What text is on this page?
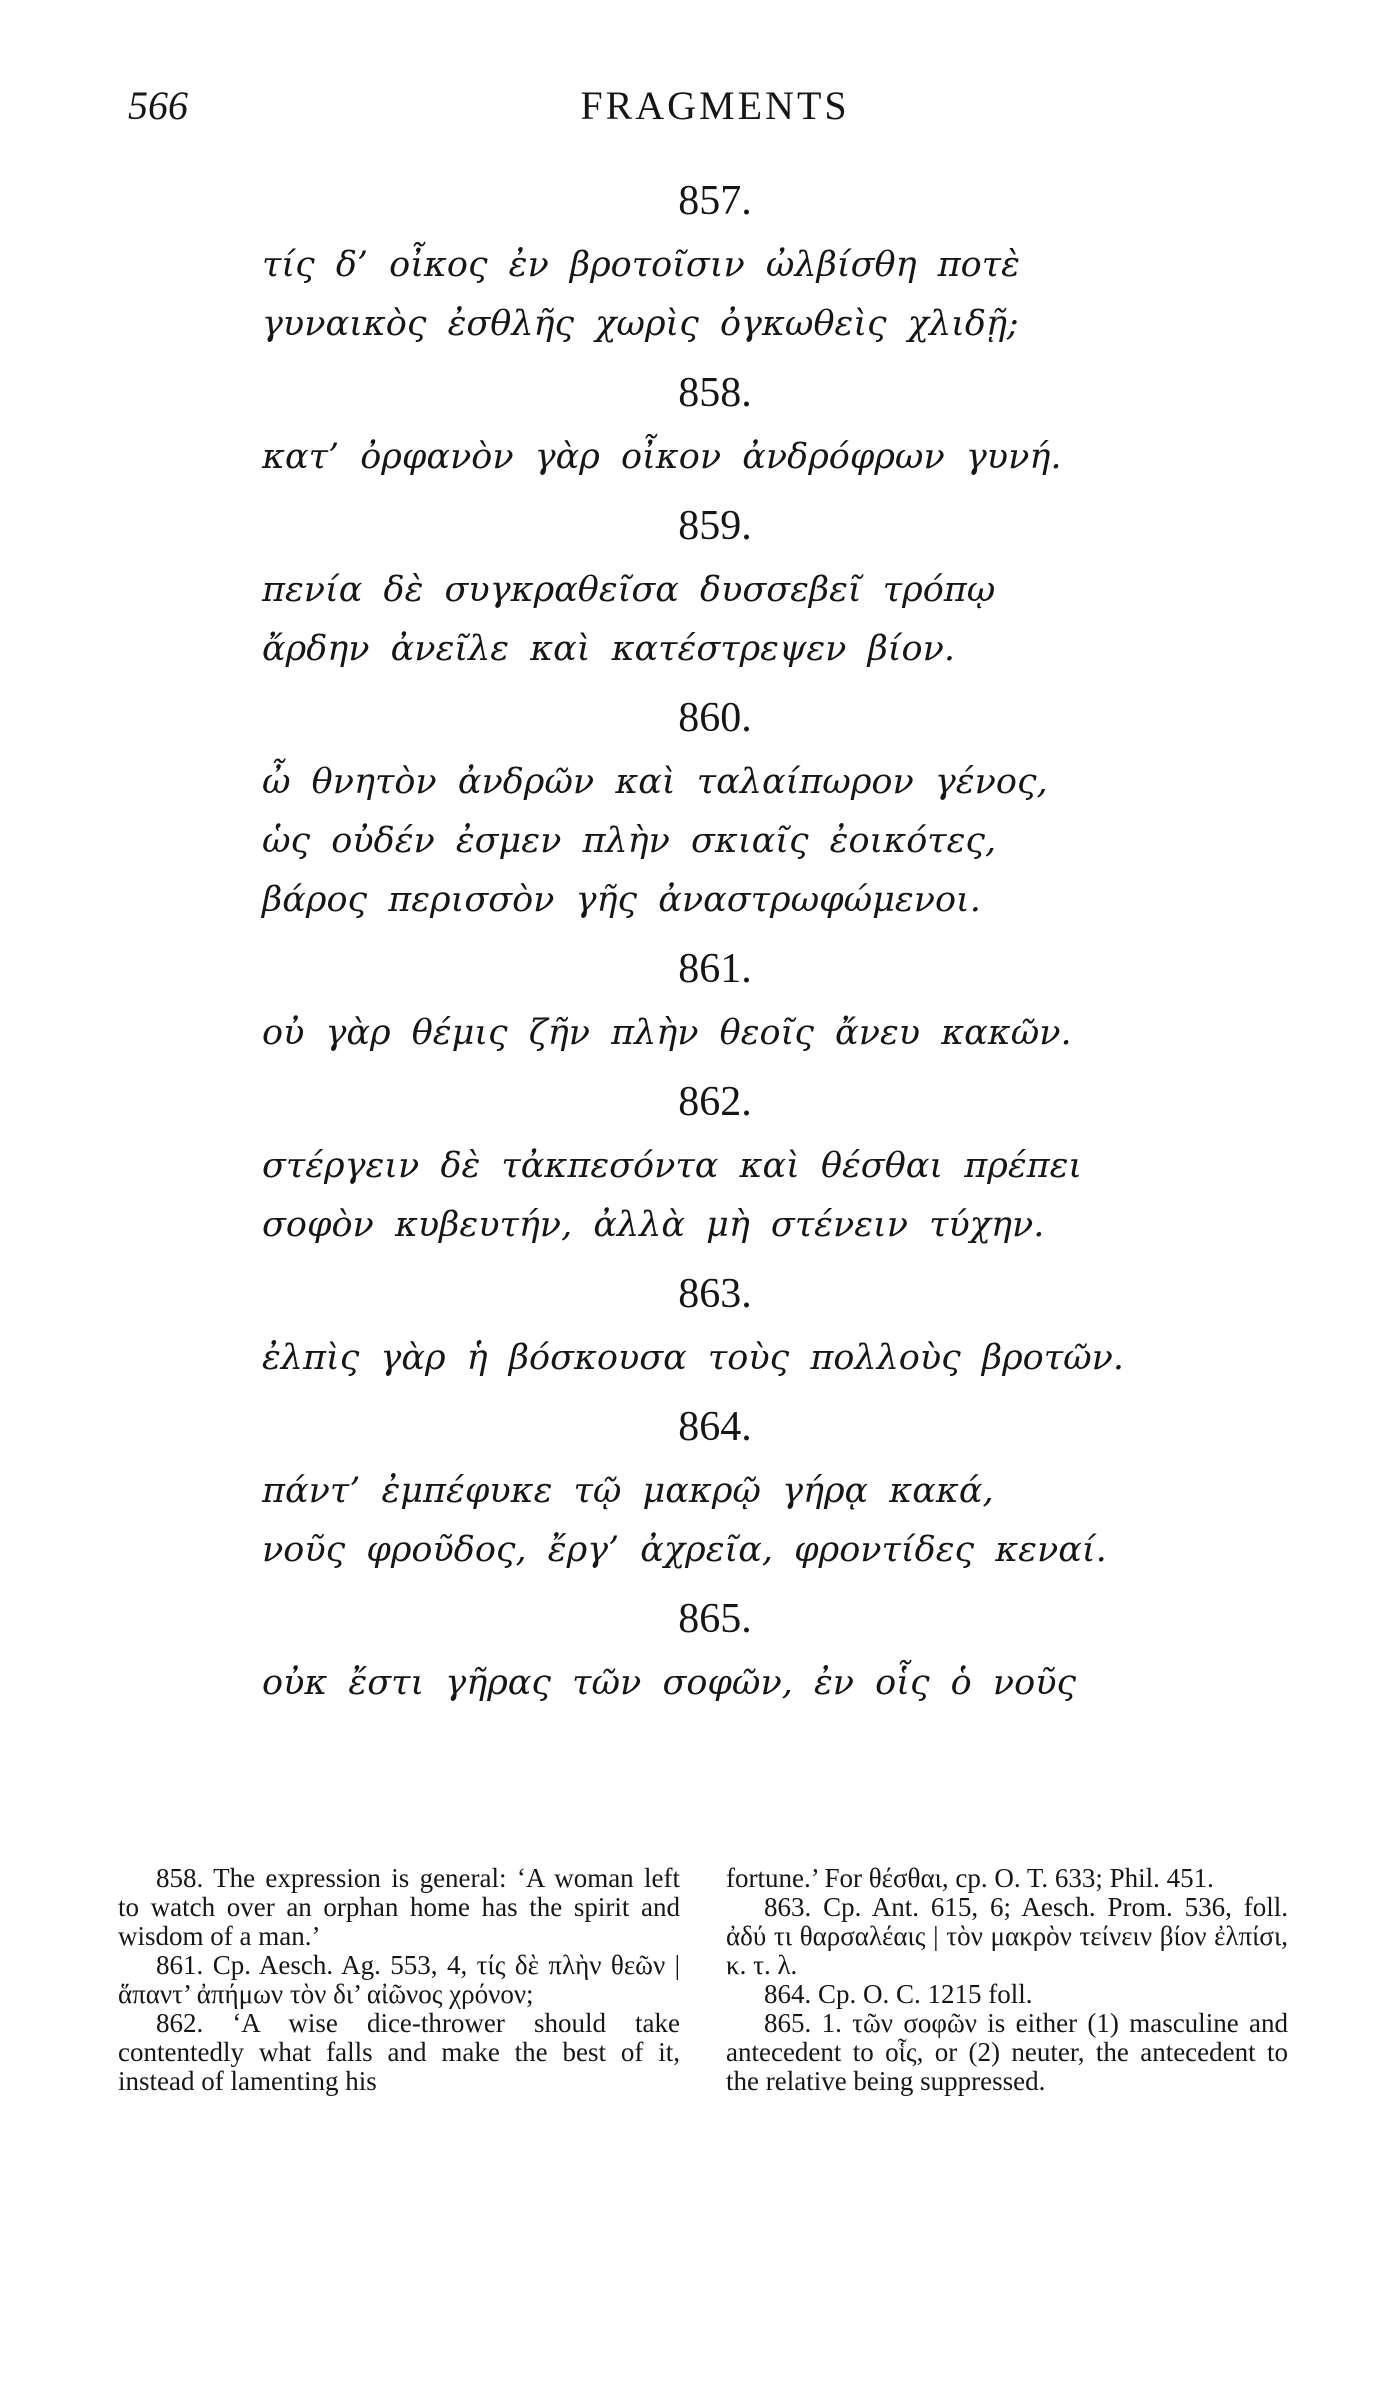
566	FRAGMENTS
857.
τίς δ’ οἶκος ἐν βροτοῖσιν ὠλβίσθη ποτὲ
γυναικὸς ἐσθλῆς χωρὶς ὀγκωθεὶς χλιδῇ;
858.
κατ’ ὀρφανὸν γὰρ οἶκον ἀνδρόφρων γυνή.
859.
πενία δὲ συγκραθεῖσα δυσσεβεῖ τρόπῳ
ἄρδην ἀνεῖλε καὶ κατέστρεψεν βίον.
860.
ὦ θνητὸν ἀνδρῶν καὶ ταλαίπωρον γένος,
ὡς οὐδέν ἐσμεν πλὴν σκιαῖς ἐοικότες,
βάρος περισσὸν γῆς ἀναστρωφώμενοι.
861.
οὐ γὰρ θέμις ζῆν πλὴν θεοῖς ἄνευ κακῶν.
862.
στέργειν δὲ τἀκπεσόντα καὶ θέσθαι πρέπει
σοφὸν κυβευτήν, ἀλλὰ μὴ στένειν τύχην.
863.
ἐλπὶς γὰρ ἡ βόσκουσα τοὺς πολλοὺς βροτῶν.
864.
πάντ’ ἐμπέφυκε τῷ μακρῷ γήρᾳ κακά,
νοῦς φροῦδος, ἔργ’ ἀχρεῖα, φροντίδες κεναί.
865.
οὐκ ἔστι γῆρας τῶν σοφῶν, ἐν οἷς ὁ νοῦς

858. The expression is general: ‘A woman left to watch over an orphan home has the spirit and wisdom of a man.’

861. Cp. Aesch. Ag. 553, 4, τίς δὲ πλὴν θεῶν | ἅπαντ’ ἀπήμων τὸν δι’ αἰῶνος χρόνον;

862. ‘A wise dice-thrower should take contentedly what falls and make the best of it, instead of lamenting his

fortune.’ For θέσθαι, cp. O. T. 633; Phil. 451.

863. Cp. Ant. 615, 6; Aesch. Prom. 536, foll. ἀδύ τι θαρσαλέαις | τὸν μακρὸν τείνειν βίον ἐλπίσι, κ. τ. λ.

864. Cp. O. C. 1215 foll.

865. 1. τῶν σοφῶν is either (1) masculine and antecedent to οἷς, or (2) neuter, the antecedent to the relative being suppressed.
